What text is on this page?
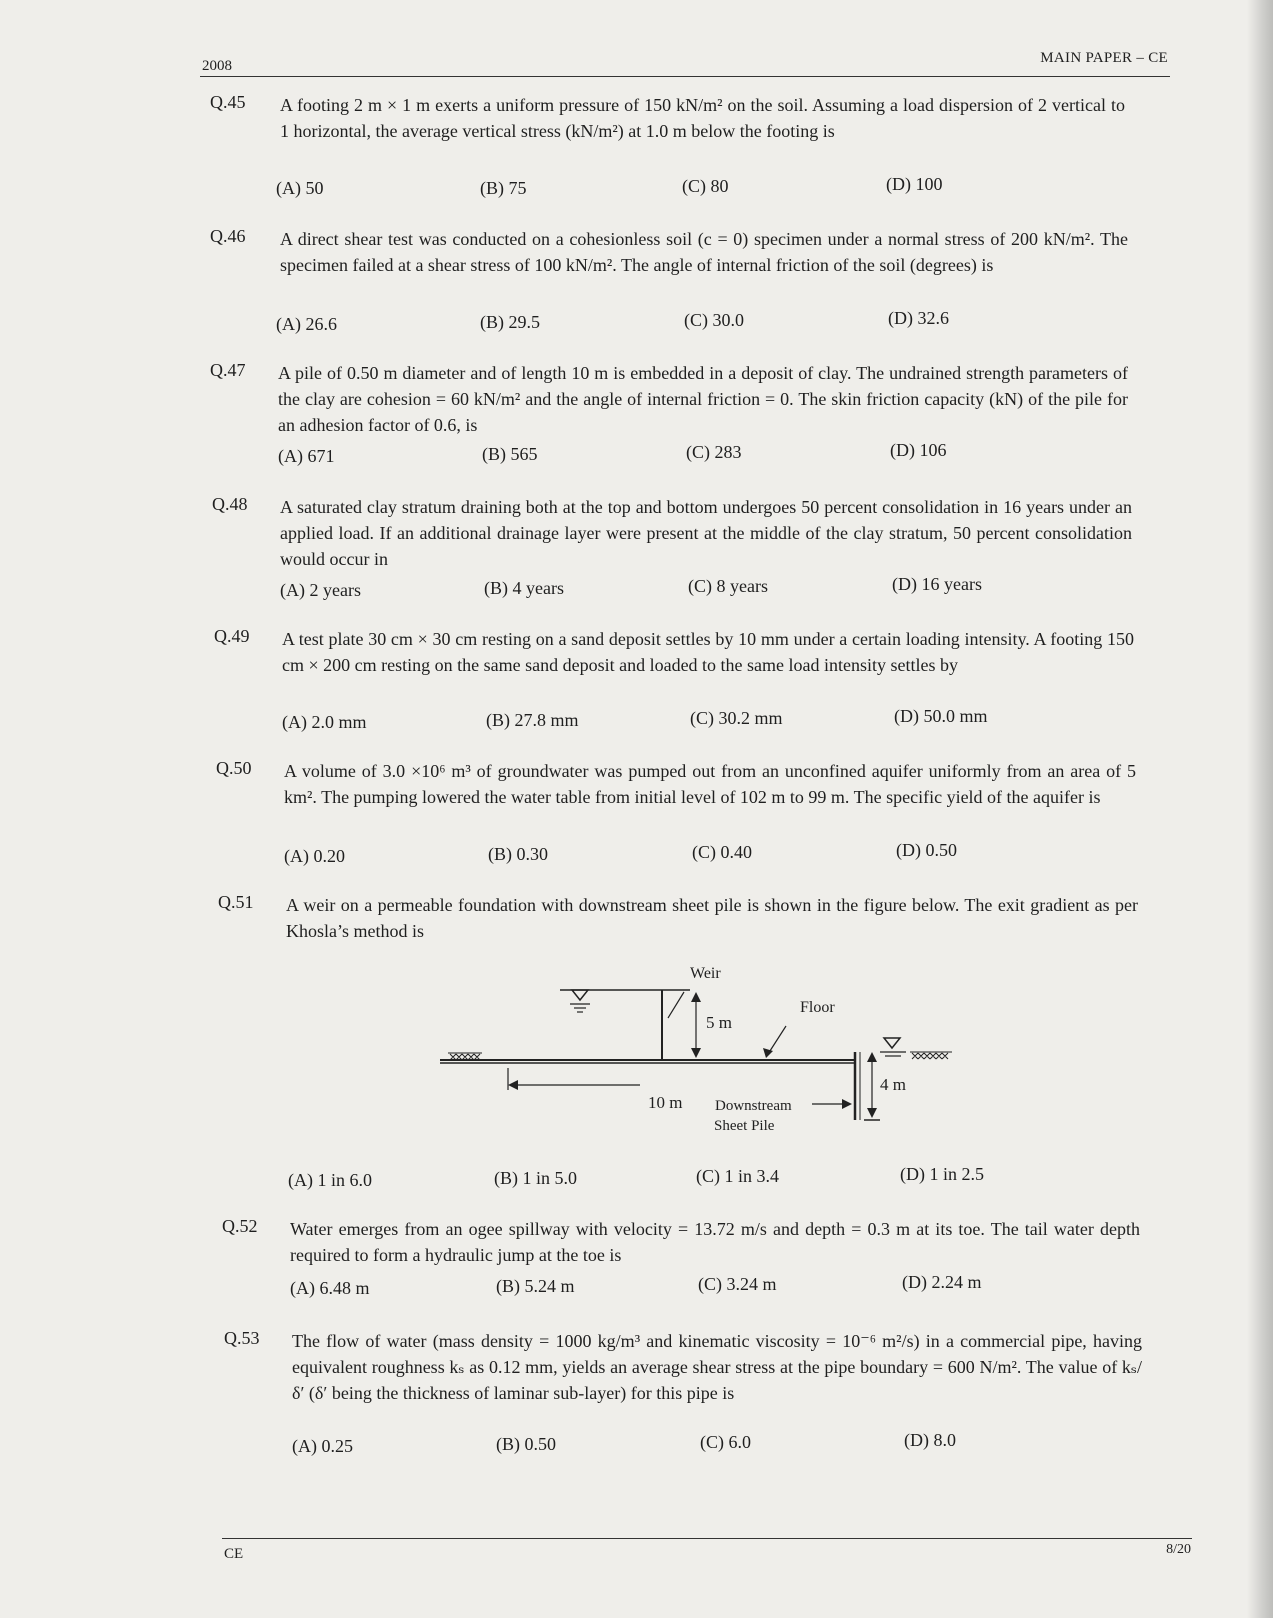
2008	MAIN PAPER – CE
Q.45 A footing 2 m × 1 m exerts a uniform pressure of 150 kN/m² on the soil. Assuming a load dispersion of 2 vertical to 1 horizontal, the average vertical stress (kN/m²) at 1.0 m below the footing is
(A) 50	(B) 75	(C) 80	(D) 100
Q.46 A direct shear test was conducted on a cohesionless soil (c = 0) specimen under a normal stress of 200 kN/m². The specimen failed at a shear stress of 100 kN/m². The angle of internal friction of the soil (degrees) is
(A) 26.6	(B) 29.5	(C) 30.0	(D) 32.6
Q.47 A pile of 0.50 m diameter and of length 10 m is embedded in a deposit of clay. The undrained strength parameters of the clay are cohesion = 60 kN/m² and the angle of internal friction = 0. The skin friction capacity (kN) of the pile for an adhesion factor of 0.6, is
(A) 671	(B) 565	(C) 283	(D) 106
Q.48 A saturated clay stratum draining both at the top and bottom undergoes 50 percent consolidation in 16 years under an applied load. If an additional drainage layer were present at the middle of the clay stratum, 50 percent consolidation would occur in
(A) 2 years	(B) 4 years	(C) 8 years	(D) 16 years
Q.49 A test plate 30 cm × 30 cm resting on a sand deposit settles by 10 mm under a certain loading intensity. A footing 150 cm × 200 cm resting on the same sand deposit and loaded to the same load intensity settles by
(A) 2.0 mm	(B) 27.8 mm	(C) 30.2 mm	(D) 50.0 mm
Q.50 A volume of 3.0 ×10⁶ m³ of groundwater was pumped out from an unconfined aquifer uniformly from an area of 5 km². The pumping lowered the water table from initial level of 102 m to 99 m. The specific yield of the aquifer is
(A) 0.20	(B) 0.30	(C) 0.40	(D) 0.50
Q.51 A weir on a permeable foundation with downstream sheet pile is shown in the figure below. The exit gradient as per Khosla’s method is
Weir
5 m
Floor
4 m
10 m Downstream
Sheet Pile
(A) 1 in 6.0	(B) 1 in 5.0	(C) 1 in 3.4	(D) 1 in 2.5
Q.52 Water emerges from an ogee spillway with velocity = 13.72 m/s and depth = 0.3 m at its toe. The tail water depth required to form a hydraulic jump at the toe is
(A) 6.48 m	(B) 5.24 m	(C) 3.24 m	(D) 2.24 m
Q.53 The flow of water (mass density = 1000 kg/m³ and kinematic viscosity = 10⁻⁶ m²/s) in a commercial pipe, having equivalent roughness kₛ as 0.12 mm, yields an average shear stress at the pipe boundary = 600 N/m². The value of kₛ/δ′ (δ′ being the thickness of laminar sub-layer) for this pipe is
(A) 0.25	(B) 0.50	(C) 6.0	(D) 8.0
CE	8/20
